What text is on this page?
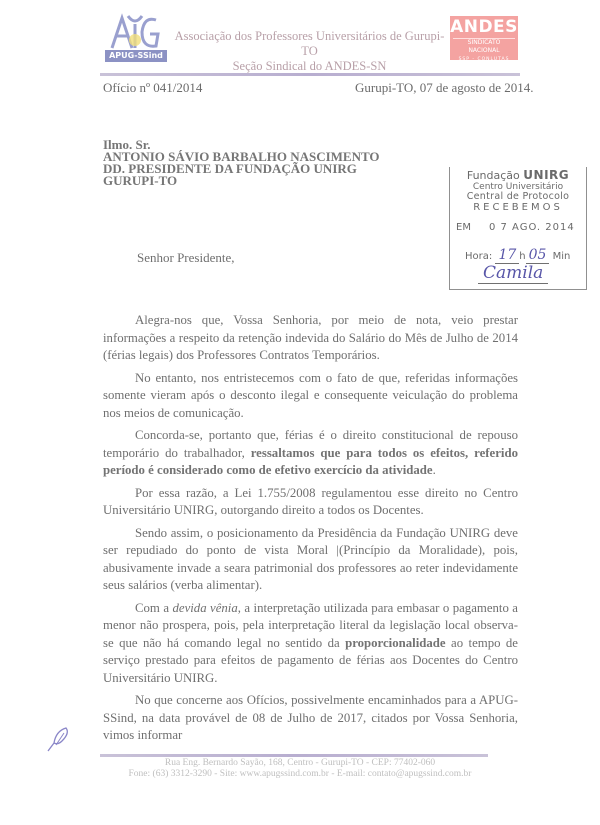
APUG-SSind
Associação dos Professores Universitários de Gurupi-TO
Seção Sindical do ANDES-SN
ANDES
SINDICATO NACIONAL
SSP - CONLUTAS
Ofício nº 041/2014	Gurupi-TO, 07 de agosto de 2014.
Ilmo. Sr.
ANTONIO SÁVIO BARBALHO NASCIMENTO
DD. PRESIDENTE DA FUNDAÇÃO UNIRG
GURUPI-TO	Fundação UNIRG
Centro Universitário
Central de Protocolo
RECEBEMOS
EM 0 7 AGO. 2014
Hora: 17 h 05 Min
Camila
Senhor Presidente,

Alegra-nos que, Vossa Senhoria, por meio de nota, veio prestar informações a respeito da retenção indevida do Salário do Mês de Julho de 2014 (férias legais) dos Professores Contratos Temporários.

No entanto, nos entristecemos com o fato de que, referidas informações somente vieram após o desconto ilegal e consequente veiculação do problema nos meios de comunicação.

Concorda-se, portanto que, férias é o direito constitucional de repouso temporário do trabalhador, ressaltamos que para todos os efeitos, referido período é considerado como de efetivo exercício da atividade.

Por essa razão, a Lei 1.755/2008 regulamentou esse direito no Centro Universitário UNIRG, outorgando direito a todos os Docentes.

Sendo assim, o posicionamento da Presidência da Fundação UNIRG deve ser repudiado do ponto de vista Moral |(Princípio da Moralidade), pois, abusivamente invade a seara patrimonial dos professores ao reter indevidamente seus salários (verba alimentar).

Com a devida vênia, a interpretação utilizada para embasar o pagamento a menor não prospera, pois, pela interpretação literal da legislação local observa-se que não há comando legal no sentido da proporcionalidade ao tempo de serviço prestado para efeitos de pagamento de férias aos Docentes do Centro Universitário UNIRG.

No que concerne aos Ofícios, possivelmente encaminhados para a APUG-SSind, na data provável de 08 de Julho de 2017, citados por Vossa Senhoria, vimos informar

Rua Eng. Bernardo Sayão, 168, Centro - Gurupi-TO - CEP: 77402-060
Fone: (63) 3312-3290 - Site: www.apugssind.com.br - E-mail: contato@apugssind.com.br
